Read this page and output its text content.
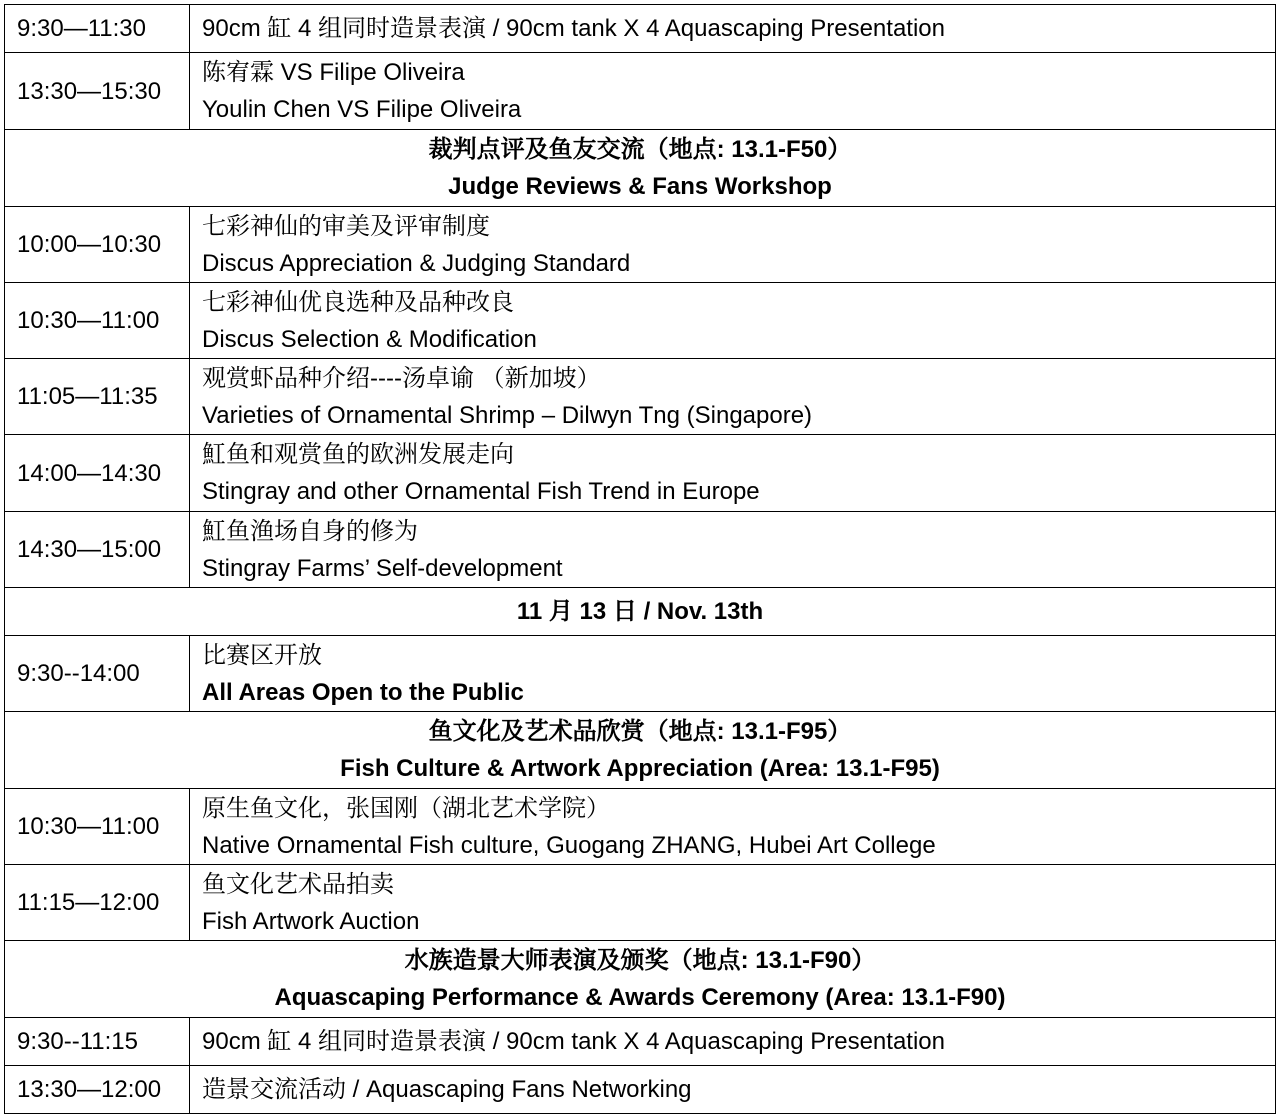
9:30—11:30	90cm 缸 4 组同时造景表演 / 90cm tank X 4 Aquascaping Presentation

13:30—15:30	陈宥霖 VS Filipe Oliveira
Youlin Chen VS Filipe Oliveira

裁判点评及鱼友交流（地点: 13.1-F50）
Judge Reviews & Fans Workshop	

10:00—10:30	七彩神仙的审美及评审制度
Discus Appreciation & Judging Standard

10:30—11:00	七彩神仙优良选种及品种改良
Discus Selection & Modification

11:05—11:35	观赏虾品种介绍----汤卓谕 （新加坡）
Varieties of Ornamental Shrimp – Dilwyn Tng (Singapore)

14:00—14:30	魟鱼和观赏鱼的欧洲发展走向
Stingray and other Ornamental Fish Trend in Europe

14:30—15:00	魟鱼渔场自身的修为
Stingray Farms’ Self-development

11 月 13 日 / Nov. 13th	

9:30--14:00	比赛区开放
All Areas Open to the Public

鱼文化及艺术品欣赏（地点: 13.1-F95）
Fish Culture & Artwork Appreciation (Area: 13.1-F95)	

10:30—11:00	原生鱼文化，张国刚（湖北艺术学院）
Native Ornamental Fish culture, Guogang ZHANG, Hubei Art College

11:15—12:00	鱼文化艺术品拍卖
Fish Artwork Auction

水族造景大师表演及颁奖（地点: 13.1-F90）
Aquascaping Performance & Awards Ceremony (Area: 13.1-F90)	

9:30--11:15	90cm 缸 4 组同时造景表演 / 90cm tank X 4 Aquascaping Presentation

13:30—12:00	造景交流活动 / Aquascaping Fans Networking
